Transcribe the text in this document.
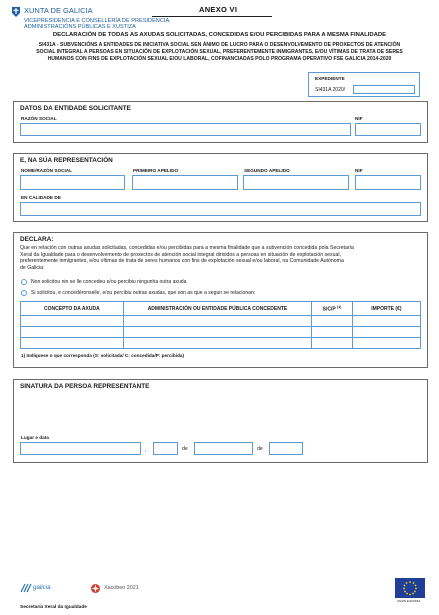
XUNTA DE GALICIA
VICEPRESIDENCIA E CONSELLERÍA DE PRESIDENCIA,
ADMINISTRACIÓNS PÚBLICAS E XUSTIZA
ANEXO VI
DECLARACIÓN DE TODAS AS AXUDAS SOLICITADAS, CONCEDIDAS E/OU PERCIBIDAS PARA A MESMA FINALIDADE
SI431A - SUBVENCIÓNS A ENTIDADES DE INICIATIVA SOCIAL SEN ÁNIMO DE LUCRO PARA O DESENVOLVEMENTO DE PROXECTOS DE ATENCIÓN
SOCIAL INTEGRAL A PERSOAS EN SITUACIÓN DE EXPLOTACIÓN SEXUAL, PREFERENTEMENTE INMIGRANTES, E/OU VÍTIMAS DE TRATA DE SERES
HUMANOS CON FINS DE EXPLOTACIÓN SEXUAL E/OU LABORAL, COFINANCIADAS POLO PROGRAMA OPERATIVO FSE GALICIA 2014-2020
EXPEDIENTE
SI431A 2020/
DATOS DA ENTIDADE SOLICITANTE
RAZÓN SOCIAL	NIF
E, NA SÚA REPRESENTACIÓN
NOME/RAZÓN SOCIAL	PRIMEIRO APELIDO	SEGUNDO APELIDO	NIF
EN CALIDADE DE
DECLARA:
Que en relación con outras axudas solicitadas, concedidas e/ou percibidas para a mesma finalidade que a subvención concedida pola Secretaría
Xeral da Igualdade para o desenvolvemento de proxectos de atención social integral dirixidos a persoas en situación de explotación sexual,
preferentemente inmigrantes, e/ou vítimas de trata de seres humanos con fins de explotación sexual e/ou laboral, na Comunidade Autónoma
de Galicia:
Non solicitou nin se lle concedeu e/ou percibiu ningunha outra axuda
Si solicitou, e concedéronselle, e/ou percibiu outras axudas, que son as que a seguir se relacionan:
CONCEPTO DA AXUDA	ADMINISTRACIÓN OU ENTIDADE PÚBLICA CONCEDENTE	S/C/P $^{(1)}$	IMPORTE (€)

1) Indíquese o que corresponda (S: solicitada/ C: concedida/P: percibida)
SINATURA DA PERSOA REPRESENTANTE
Lugar e data
,	de	de
galicia	Xacobeo 2021
UNIÓN EUROPEA
Secretaría Xeral da Igualdade
